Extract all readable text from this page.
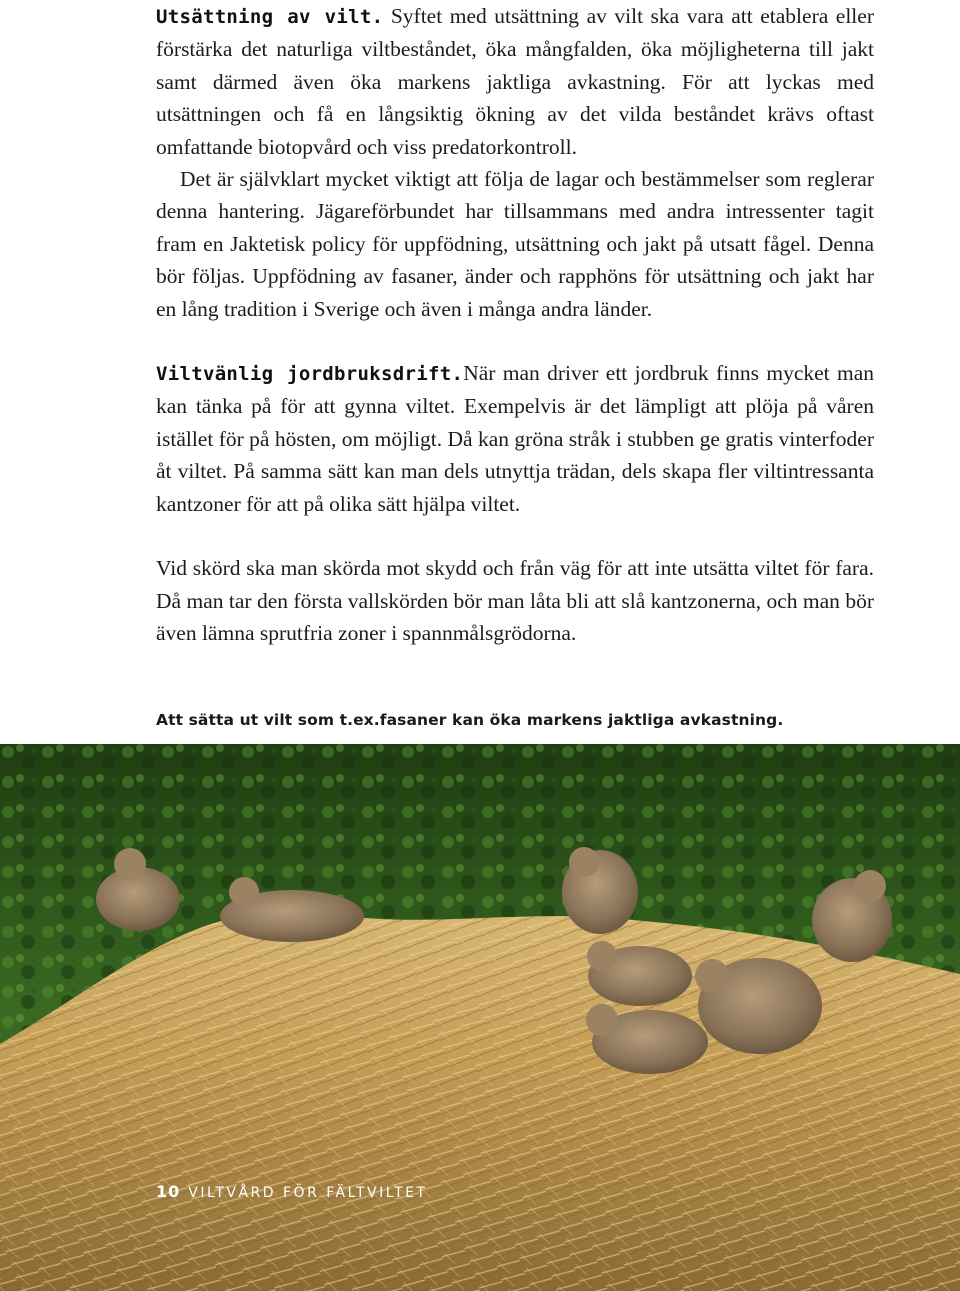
Utsättning av vilt. Syftet med utsättning av vilt ska vara att etablera eller förstärka det naturliga viltbeståndet, öka mångfalden, öka möjligheterna till jakt samt därmed även öka markens jaktliga avkastning. För att lyckas med utsättningen och få en långsiktig ökning av det vilda beståndet krävs oftast omfattande biotopvård och viss predatorkontroll.

Det är självklart mycket viktigt att följa de lagar och bestämmelser som reglerar denna hantering. Jägareförbundet har tillsammans med andra intressenter tagit fram en Jaktetisk policy för uppfödning, utsättning och jakt på utsatt fågel. Denna bör följas. Uppfödning av fasaner, änder och rapphöns för utsättning och jakt har en lång tradition i Sverige och även i många andra länder.

Viltvänlig jordbruksdrift.När man driver ett jordbruk finns mycket man kan tänka på för att gynna viltet. Exempelvis är det lämpligt att plöja på våren istället för på hösten, om möjligt. Då kan gröna stråk i stubben ge gratis vinterfoder åt viltet. På samma sätt kan man dels utnyttja trädan, dels skapa fler viltintressanta kantzoner för att på olika sätt hjälpa viltet.

Vid skörd ska man skörda mot skydd och från väg för att inte utsätta viltet för fara. Då man tar den första vallskörden bör man låta bli att slå kantzonerna, och man bör även lämna sprutfria zoner i spannmålsgrödorna.

Att sätta ut vilt som t.ex.fasaner kan öka markens jaktliga avkastning.
10 VILTVÅRD FÖR FÄLTVILTET
